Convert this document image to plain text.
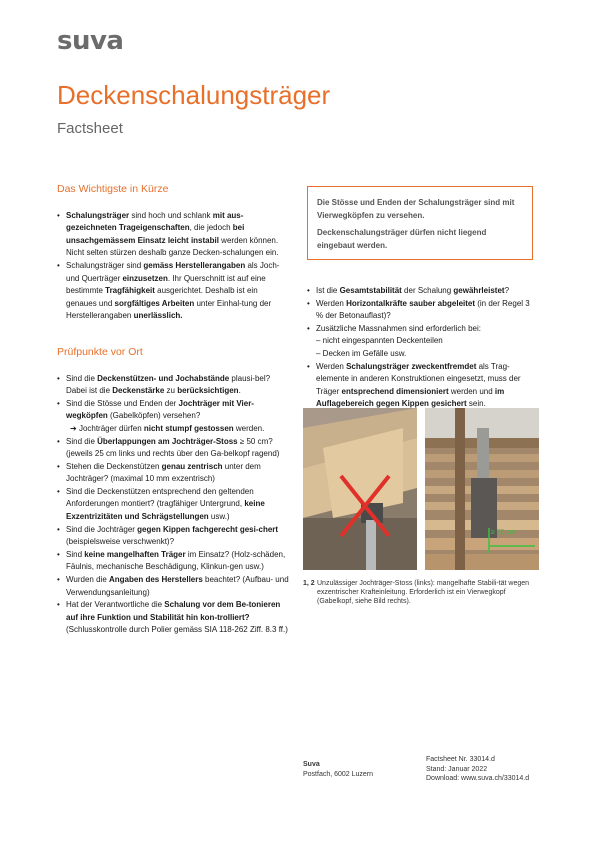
suva
Deckenschalungsträger
Factsheet
Das Wichtigste in Kürze
• Schalungsträger sind hoch und schlank mit aus-gezeichneten Trageigenschaften, die jedoch bei unsachgemässem Einsatz leicht instabil werden können. Nicht selten stürzen deshalb ganze Decken-schalungen ein.
• Schalungsträger sind gemäss Herstellerangaben als Joch- und Querträger einzusetzen. Ihr Querschnitt ist auf eine bestimmte Tragfähigkeit ausgerichtet. Deshalb ist ein genaues und sorgfältiges Arbeiten unter Einhal-tung der Herstellerangaben unerlässlich.
Prüfpunkte vor Ort
• Sind die Deckenstützen- und Jochabstände plausi-bel? Dabei ist die Deckenstärke zu berücksichtigen.
• Sind die Stösse und Enden der Jochträger mit Vier-wegköpfen (Gabelköpfen) versehen?
➔ Jochträger dürfen nicht stumpf gestossen werden.
• Sind die Überlappungen am Jochträger-Stoss ≥ 50 cm? (jeweils 25 cm links und rechts über den Ga-belkopf ragend)
• Stehen die Deckenstützen genau zentrisch unter dem Jochträger? (maximal 10 mm exzentrisch)
• Sind die Deckenstützen entsprechend den geltenden Anforderungen montiert? (tragfähiger Untergrund, keine Exzentrizitäten und Schrägstellungen usw.)
• Sind die Jochträger gegen Kippen fachgerecht gesi-chert (beispielsweise verschwenkt)?
• Sind keine mangelhaften Träger im Einsatz? (Holz-schäden, Fäulnis, mechanische Beschädigung, Klinkun-gen usw.)
• Wurden die Angaben des Herstellers beachtet? (Aufbau- und Verwendungsanleitung)
• Hat der Verantwortliche die Schalung vor dem Be-tonieren auf ihre Funktion und Stabilität hin kon-trolliert? (Schlusskontrolle durch Polier gemäss SIA 118-262 Ziff. 8.3 ff.)

Die Stösse und Enden der Schalungsträger sind mit Vierwegköpfen zu versehen.

Deckenschalungsträger dürfen nicht liegend eingebaut werden.

• Ist die Gesamtstabilität der Schalung gewährleistet?
• Werden Horizontalkräfte sauber abgeleitet (in der Regel 3 % der Betonauflast)?
• Zusätzliche Massnahmen sind erforderlich bei:
– nicht eingespannten Deckenteilen
– Decken im Gefälle usw.
• Werden Schalungsträger zweckentfremdet als Trag-elemente in anderen Konstruktionen eingesetzt, muss der Träger entsprechend dimensioniert werden und im Auflagebereich gegen Kippen gesichert sein.
≥ 25 cm
1, 2 Unzulässiger Jochträger-Stoss (links): mangelhafte Stabili-tät wegen exzentrischer Krafteinleitung. Erforderlich ist ein Vierwegkopf (Gabelkopf, siehe Bild rechts).
Suva
Postfach, 6002 Luzern
Factsheet Nr. 33014.d
Stand: Januar 2022
Download: www.suva.ch/33014.d
